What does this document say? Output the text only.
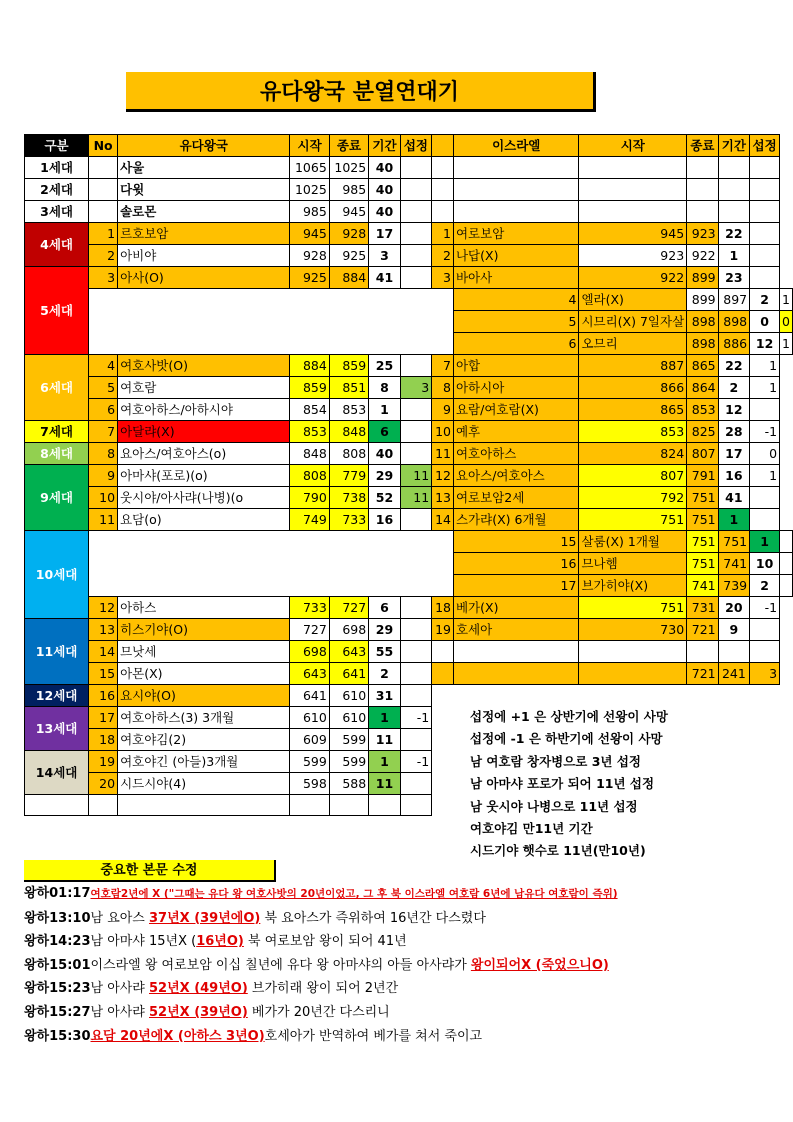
유다왕국 분열연대기
구분	No	유다왕국	시작	종료	기간	섭정		이스라엘	시작	종료	기간	섭정	
1세대		사울	1065	1025	40								
2세대		다윗	1025	985	40								
3세대		솔로몬	985	945	40								
4세대	1	르호보암	945	928	17		1	여로보암	945	923	22		
	2	아비야	928	925	3		2	나답(X)	923	922	1		
5세대	3	아사(O)	925	884	41		3	바아사	922	899	23		
								4	엘라(X)	899	897	2	1
								5	시므리(X) 7일자살	898	898	0	0
								6	오므리	898	886	12	1
6세대	4	여호사밧(O)	884	859	25		7	아합	887	865	22	1	
	5	여호람	859	851	8	3	8	아하시아	866	864	2	1	
	6	여호아하스/아하시야	854	853	1		9	요람/여호람(X)	865	853	12		
7세대	7	아달랴(X)	853	848	6		10	예후	853	825	28	-1	
8세대	8	요아스/여호아스(o)	848	808	40		11	여호아하스	824	807	17	0	
9세대	9	아마샤(포로)(o)	808	779	29	11	12	요아스/여호아스	807	791	16	1	
	10	웃시야/아사랴(나병)(o	790	738	52	11	13	여로보암2세	792	751	41		
	11	요담(o)	749	733	16		14	스가랴(X) 6개월	751	751	1		
10세대								15	살룸(X) 1개월	751	751	1	
								16	므나헴	751	741	10	
								17	브가히야(X)	741	739	2	
	12	아하스	733	727	6		18	베가(X)	751	731	20	-1	
11세대	13	히스기야(O)	727	698	29		19	호세아	730	721	9		
	14	므낫세	698	643	55								
	15	아몬(X)	643	641	2					721	241	3	
12세대	16	요시야(O)	641	610	31								
13세대	17	여호아하스(3) 3개월	610	610	1	-1							
	18	여호야김(2)	609	599	11								
14세대	19	여호야긴 (아들)3개월	599	599	1	-1							
	20	시드시야(4)	598	588	11								

섭정에 +1 은 상반기에 선왕이 사망
섭정에 -1 은 하반기에 선왕이 사망
남 여호람 창자병으로 3년 섭정
남 아마샤 포로가 되어 11년 섭정
남 웃시야 나병으로 11년 섭정
여호야김 만11년 기간
시드기야 햇수로 11년(만10년)
중요한 본문 수정
왕하01:17여호람2년에 X ("그때는 유다 왕 여호사밧의 20년이었고, 그 후 북 이스라엘 여호람 6년에 남유다 여호람이 즉위)
왕하13:10남 요아스 37년X (39년에O) 북 요아스가 즉위하여 16년간 다스렸다
왕하14:23남 아마샤 15년X (16년O) 북 여로보암 왕이 되어 41년
왕하15:01이스라엘 왕 여로보암 이십 칠년에 유다 왕 아마샤의 아들 아사랴가 왕이되어X (죽었으니O)
왕하15:23남 아사랴 52년X (49년O) 브가히래 왕이 되어 2년간
왕하15:27남 아사랴 52년X (39년O) 베가가 20년간 다스리니
왕하15:30요담 20년에X (아하스 3년O)호세아가 반역하여 베가를 쳐서 죽이고
